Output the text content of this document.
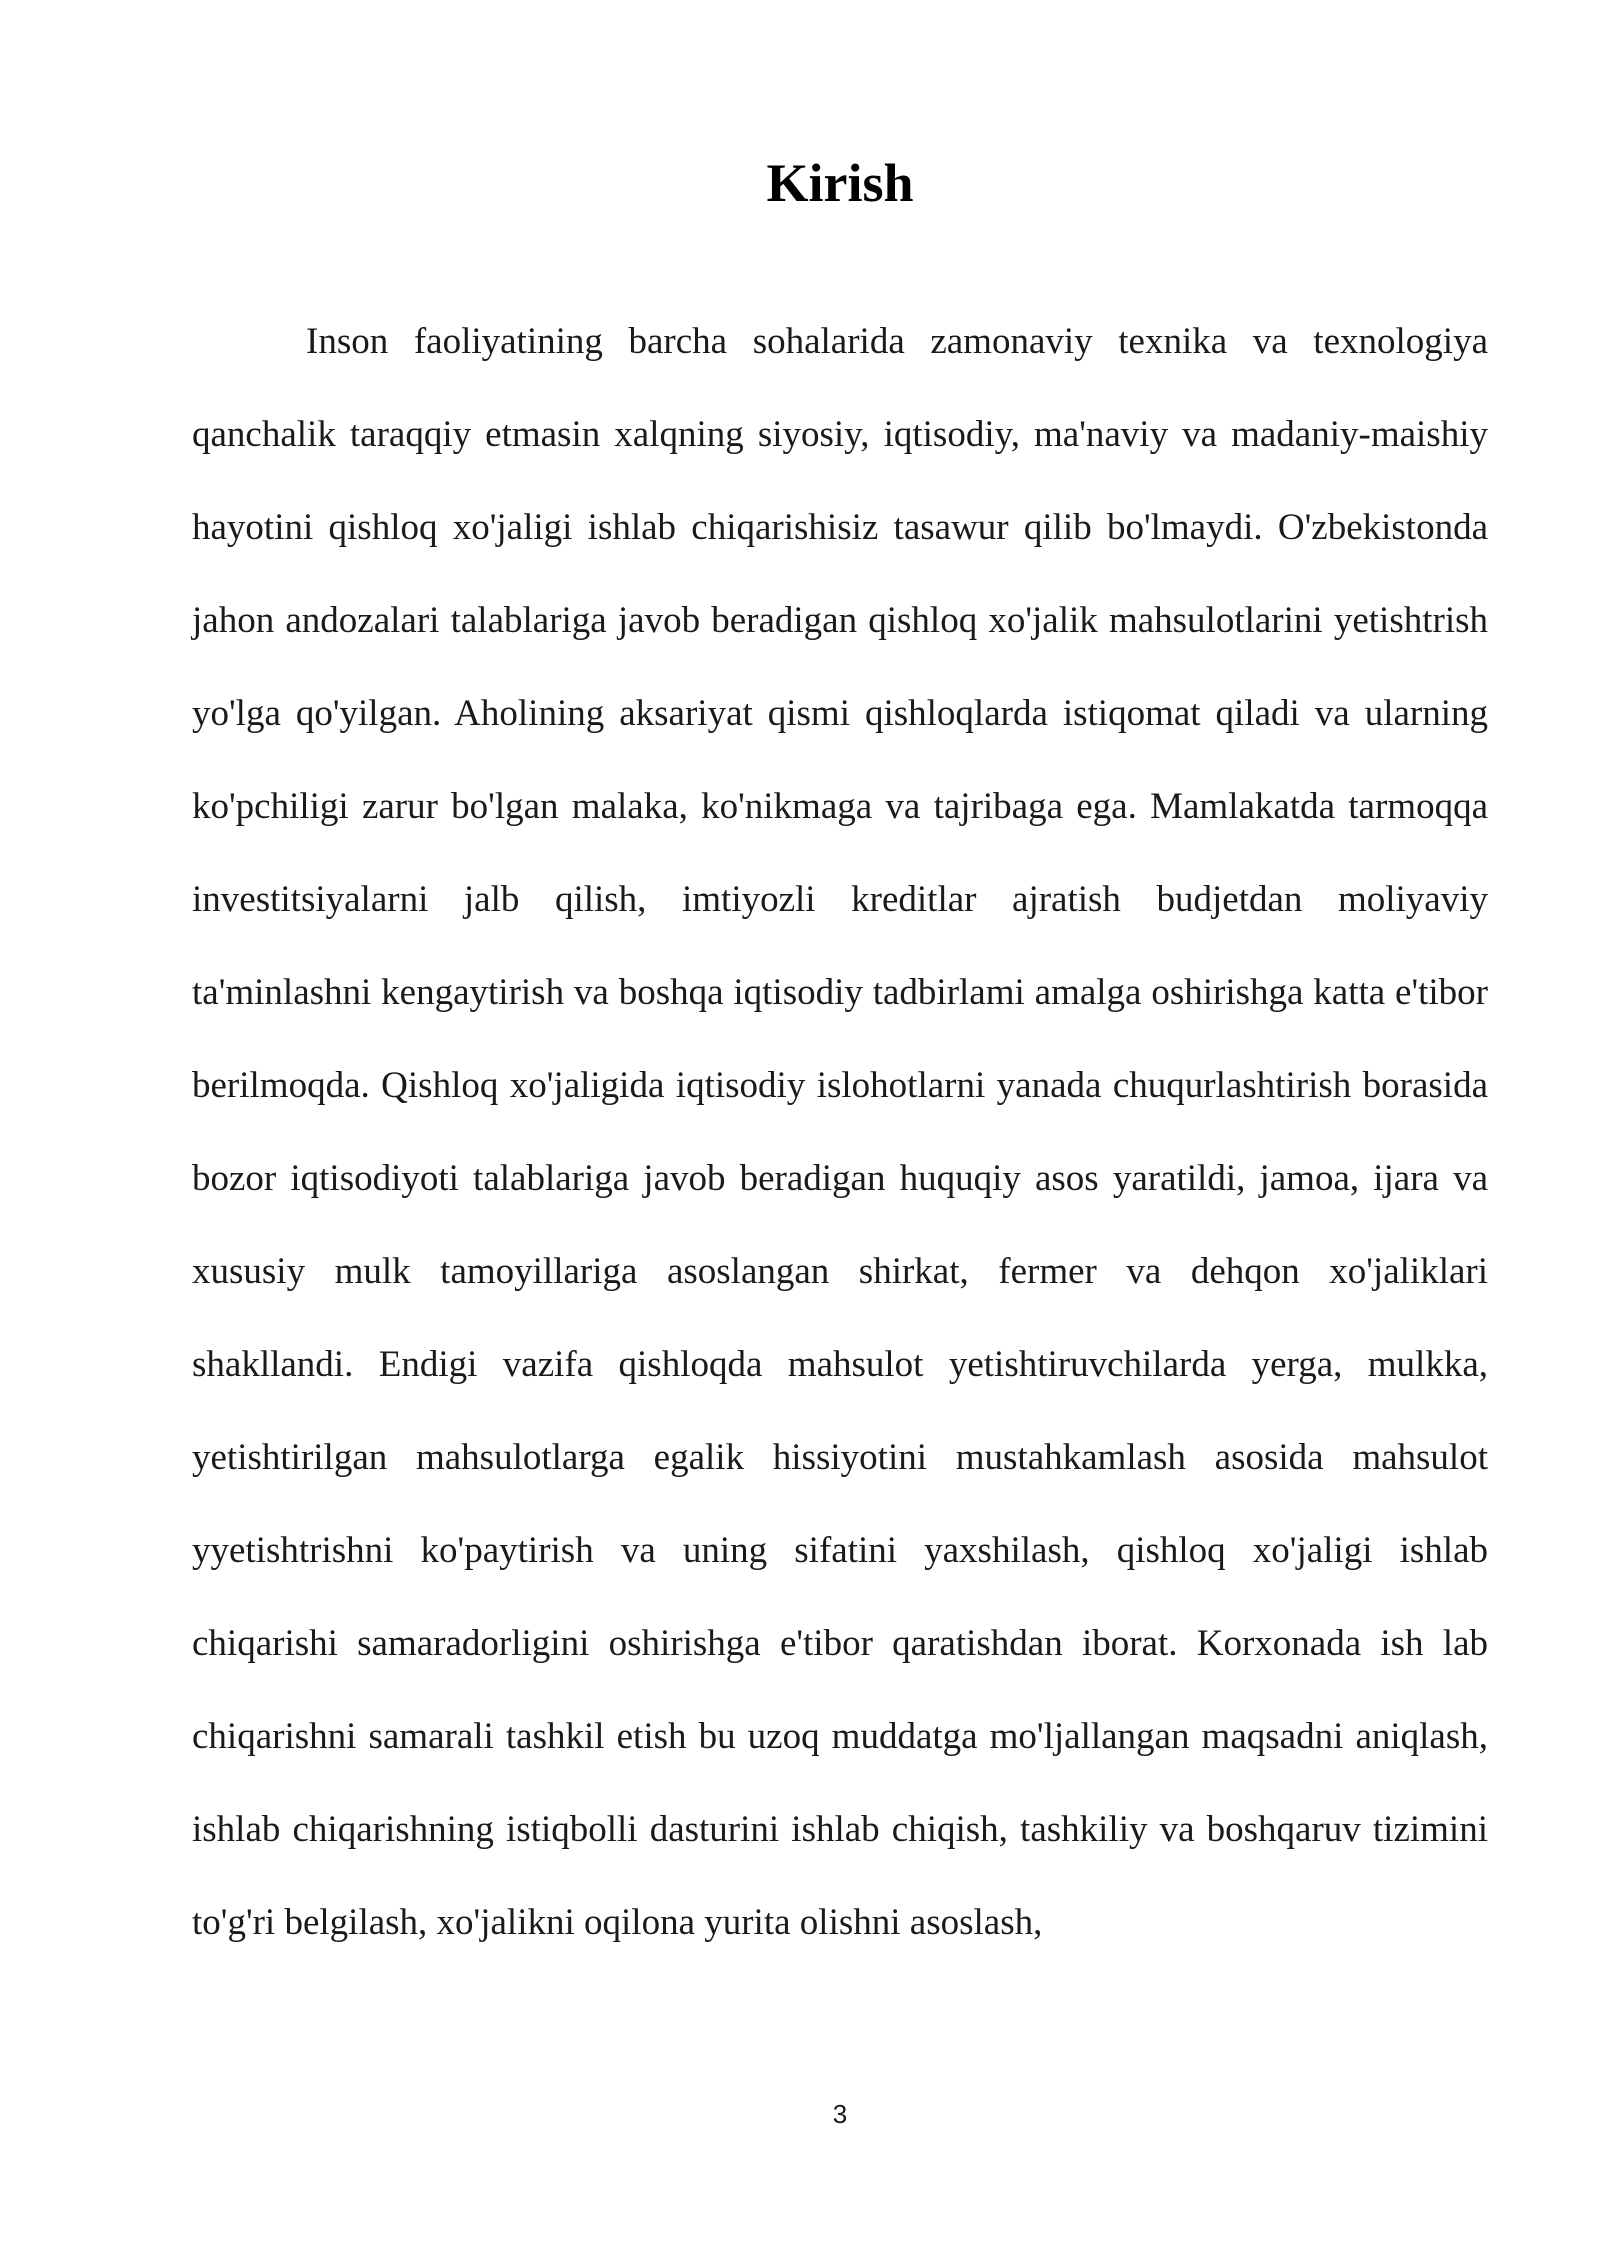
Kirish

Inson faoliyatining barcha sohalarida zamonaviy texnika va texnologiya qanchalik taraqqiy etmasin xalqning siyosiy, iqtisodiy, ma'naviy va madaniy-maishiy hayotini qishloq xo'jaligi ishlab chiqarishisiz tasawur qilib bo'lmaydi. O'zbekistonda jahon andozalari talablariga javob beradigan qishloq xo'jalik mahsulotlarini yetishtrish yo'lga qo'yilgan. Aholining aksariyat qismi qishloqlarda istiqomat qiladi va ularning ko'pchiligi zarur bo'lgan malaka, ko'nikmaga va tajribaga ega. Mamlakatda tarmoqqa investitsiyalarni jalb qilish, imtiyozli kreditlar ajratish budjetdan moliyaviy ta'minlashni kengaytirish va boshqa iqtisodiy tadbirlami amalga oshirishga katta e'tibor berilmoqda. Qishloq xo'jaligida iqtisodiy islohotlarni yanada chuqurlashtirish borasida bozor iqtisodiyoti talablariga javob beradigan huquqiy asos yaratildi, jamoa, ijara va xususiy mulk tamoyillariga asoslangan shirkat, fermer va dehqon xo'jaliklari shakllandi. Endigi vazifa qishloqda mahsulot yetishtiruvchilarda yerga, mulkka, yetishtirilgan mahsulotlarga egalik hissiyotini mustahkamlash asosida mahsulot yyetishtrishni ko'paytirish va uning sifatini yaxshilash, qishloq xo'jaligi ishlab chiqarishi samaradorligini oshirishga e'tibor qaratishdan iborat. Korxonada ish lab chiqarishni samarali tashkil etish bu uzoq muddatga mo'ljallangan maqsadni aniqlash, ishlab chiqarishning istiqbolli dasturini ishlab chiqish, tashkiliy va boshqaruv tizimini to'g'ri belgilash, xo'jalikni oqilona yurita olishni asoslash,

3
